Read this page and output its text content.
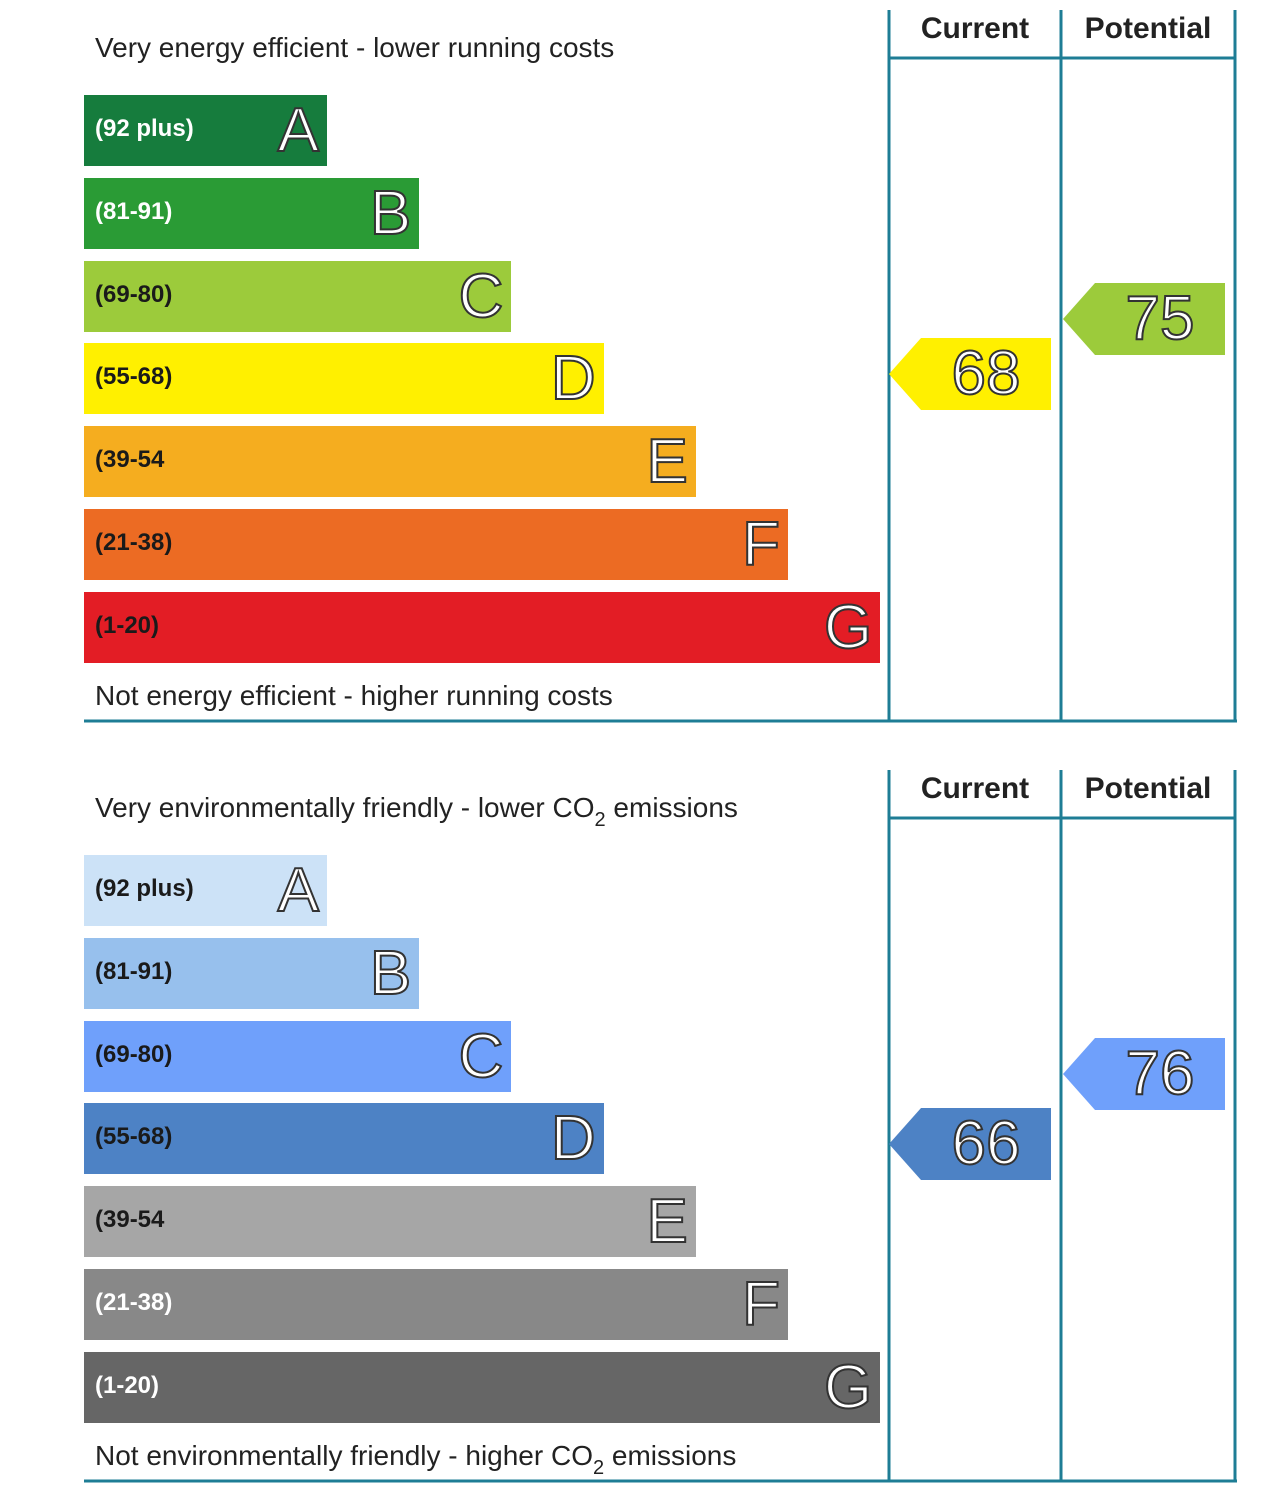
Current	Potential
Very energy efficient - lower running costs
Not energy efficient - higher running costs
(92 plus) A
(81-91)	B
(69-80)	C
(55-68)	D
(39-54	E
(21-38)	F
(1-20)	G
68
75
Current	Potential
Very environmentally friendly - lower $CO_2$ emissions
Not environmentally friendly - higher $CO_2$ emissions
(92 plus) A
(81-91)	B
(69-80)	C
(55-68)	D
(39-54	E
(21-38)	F
(1-20)	G
66
76
